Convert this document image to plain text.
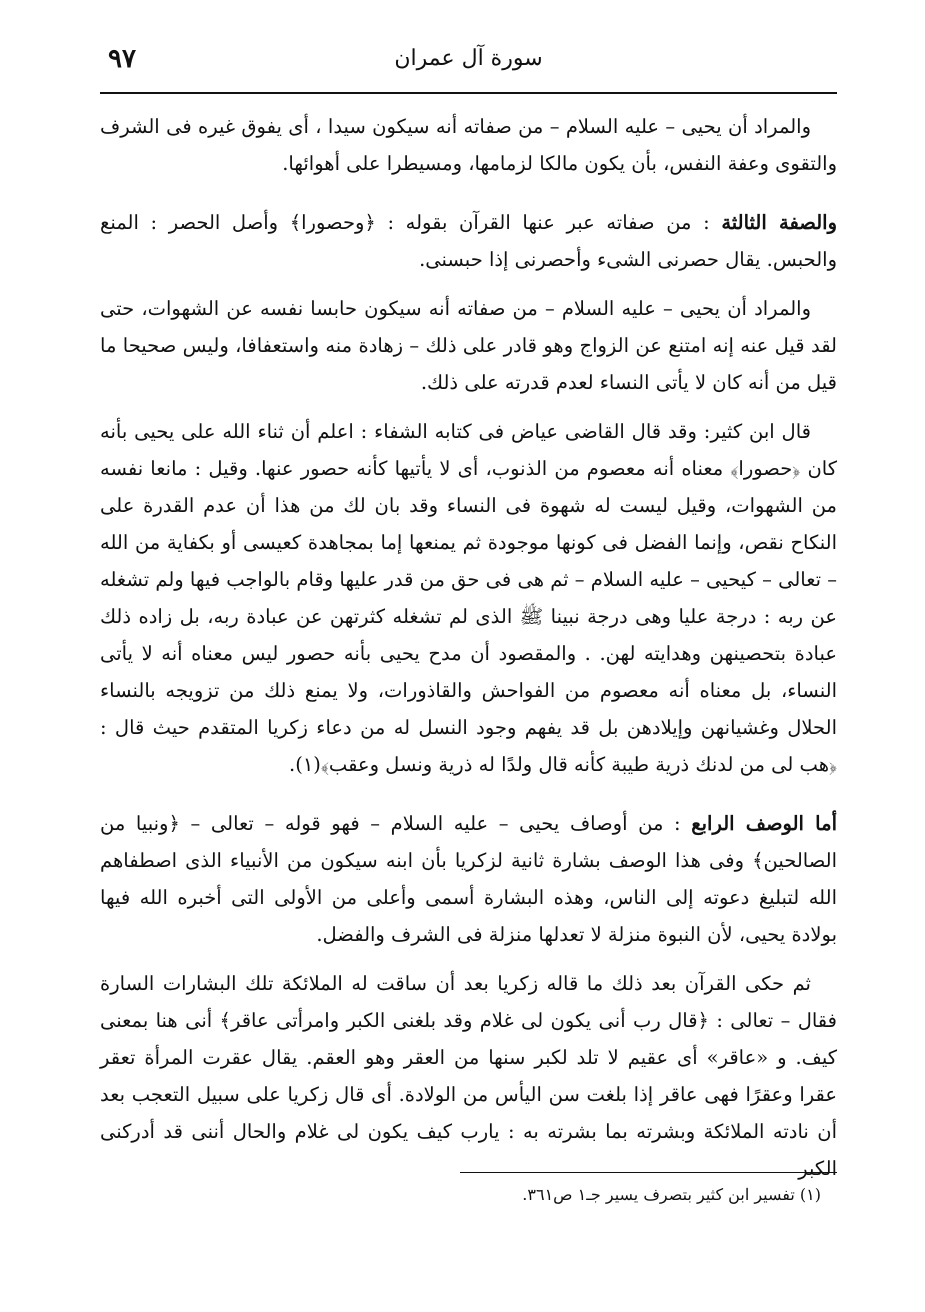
٩٧	سورة آل عمران

والمراد أن يحيى – عليه السلام – من صفاته أنه سيكون سيدا ، أى يفوق غيره فى الشرف والتقوى وعفة النفس، بأن يكون مالكا لزمامها، ومسيطرا على أهوائها.

والصفة الثالثة : من صفاته عبر عنها القرآن بقوله : ﴿وحصورا﴾ وأصل الحصر : المنع والحبس. يقال حصرنى الشىء وأحصرنى إذا حبسنى.

والمراد أن يحيى – عليه السلام – من صفاته أنه سيكون حابسا نفسه عن الشهوات، حتى لقد قيل عنه إنه امتنع عن الزواج وهو قادر على ذلك – زهادة منه واستعفافا، وليس صحيحا ما قيل من أنه كان لا يأتى النساء لعدم قدرته على ذلك.

قال ابن كثير: وقد قال القاضى عياض فى كتابه الشفاء : اعلم أن ثناء الله على يحيى بأنه كان ﴿حصورا﴾ معناه أنه معصوم من الذنوب، أى لا يأتيها كأنه حصور عنها. وقيل : مانعا نفسه من الشهوات، وقيل ليست له شهوة فى النساء وقد بان لك من هذا أن عدم القدرة على النكاح نقص، وإنما الفضل فى كونها موجودة ثم يمنعها إما بمجاهدة كعيسى أو بكفاية من الله – تعالى – كيحيى – عليه السلام – ثم هى فى حق من قدر عليها وقام بالواجب فيها ولم تشغله عن ربه : درجة عليا وهى درجة نبينا ﷺ الذى لم تشغله كثرتهن عن عبادة ربه، بل زاده ذلك عبادة بتحصينهن وهدايته لهن. . والمقصود أن مدح يحيى بأنه حصور ليس معناه أنه لا يأتى النساء، بل معناه أنه معصوم من الفواحش والقاذورات، ولا يمنع ذلك من تزويجه بالنساء الحلال وغشيانهن وإيلادهن بل قد يفهم وجود النسل له من دعاء زكريا المتقدم حيث قال : ﴿هب لى من لدنك ذرية طيبة كأنه قال ولدًا له ذرية ونسل وعقب﴾(١).

أما الوصف الرابع : من أوصاف يحيى – عليه السلام – فهو قوله – تعالى – ﴿ونبيا من الصالحين﴾ وفى هذا الوصف بشارة ثانية لزكريا بأن ابنه سيكون من الأنبياء الذى اصطفاهم الله لتبليغ دعوته إلى الناس، وهذه البشارة أسمى وأعلى من الأولى التى أخبره الله فيها بولادة يحيى، لأن النبوة منزلة لا تعدلها منزلة فى الشرف والفضل.

ثم حكى القرآن بعد ذلك ما قاله زكريا بعد أن ساقت له الملائكة تلك البشارات السارة فقال – تعالى : ﴿قال رب أنى يكون لى غلام وقد بلغنى الكبر وامرأتى عاقر﴾ أنى هنا بمعنى كيف. و «عاقر» أى عقيم لا تلد لكبر سنها من العقر وهو العقم. يقال عقرت المرأة تعقر عقرا وعقرًا فهى عاقر إذا بلغت سن اليأس من الولادة. أى قال زكريا على سبيل التعجب بعد أن نادته الملائكة وبشرته بما بشرته به : يارب كيف يكون لى غلام والحال أننى قد أدركنى الكبر

(١) تفسير ابن كثير بتصرف يسير جـ١ ص٣٦١.
